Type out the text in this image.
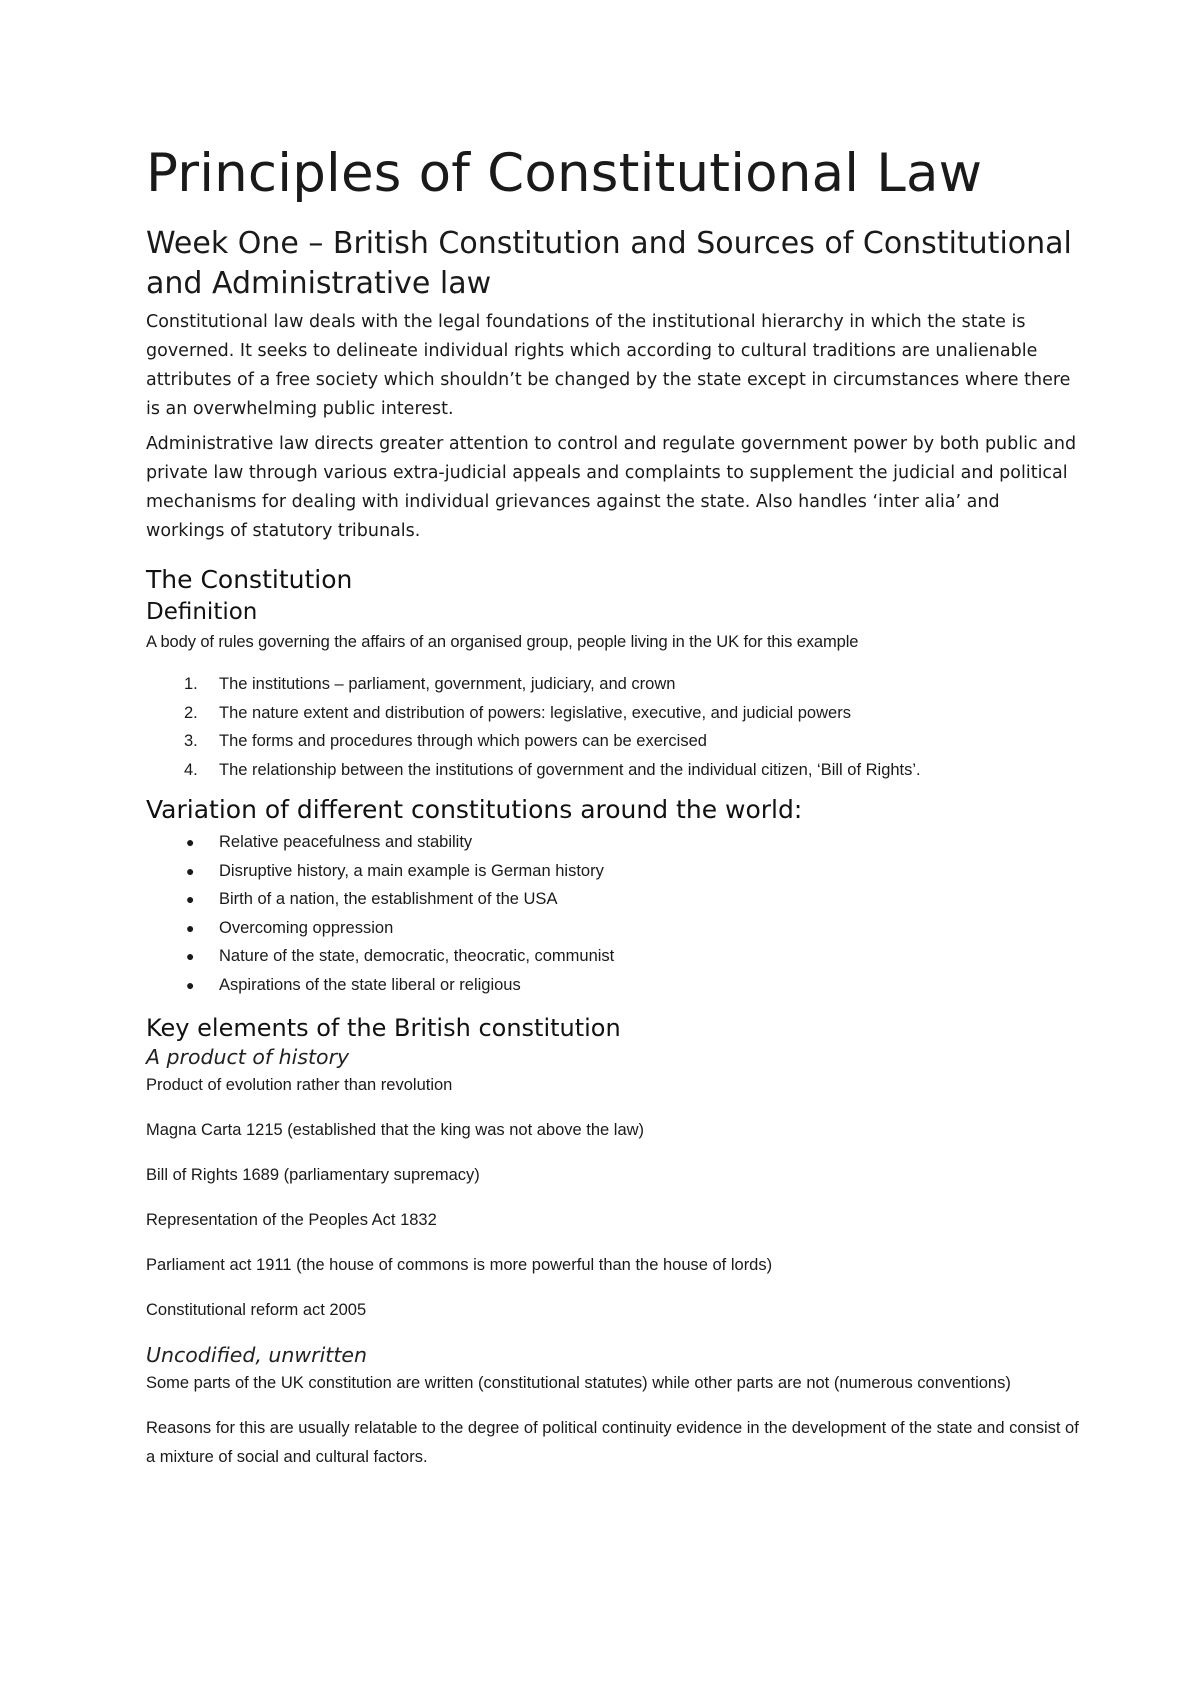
Principles of Constitutional Law
Week One – British Constitution and Sources of Constitutional and Administrative law

Constitutional law deals with the legal foundations of the institutional hierarchy in which the state is governed. It seeks to delineate individual rights which according to cultural traditions are unalienable attributes of a free society which shouldn’t be changed by the state except in circumstances where there is an overwhelming public interest.

Administrative law directs greater attention to control and regulate government power by both public and private law through various extra-judicial appeals and complaints to supplement the judicial and political mechanisms for dealing with individual grievances against the state. Also handles ‘inter alia’ and workings of statutory tribunals.

The Constitution
Definition
A body of rules governing the affairs of an organised group, people living in the UK for this example
1. The institutions – parliament, government, judiciary, and crown
2. The nature extent and distribution of powers: legislative, executive, and judicial powers
3. The forms and procedures through which powers can be exercised
4. The relationship between the institutions of government and the individual citizen, ‘Bill of Rights’.
Variation of different constitutions around the world:
● Relative peacefulness and stability
● Disruptive history, a main example is German history
● Birth of a nation, the establishment of the USA
● Overcoming oppression
● Nature of the state, democratic, theocratic, communist
● Aspirations of the state liberal or religious
Key elements of the British constitution
A product of history
Product of evolution rather than revolution
Magna Carta 1215 (established that the king was not above the law)
Bill of Rights 1689 (parliamentary supremacy)
Representation of the Peoples Act 1832
Parliament act 1911 (the house of commons is more powerful than the house of lords)
Constitutional reform act 2005
Uncodified, unwritten
Some parts of the UK constitution are written (constitutional statutes) while other parts are not (numerous conventions)
Reasons for this are usually relatable to the degree of political continuity evidence in the development of the state and consist of a mixture of social and cultural factors.
